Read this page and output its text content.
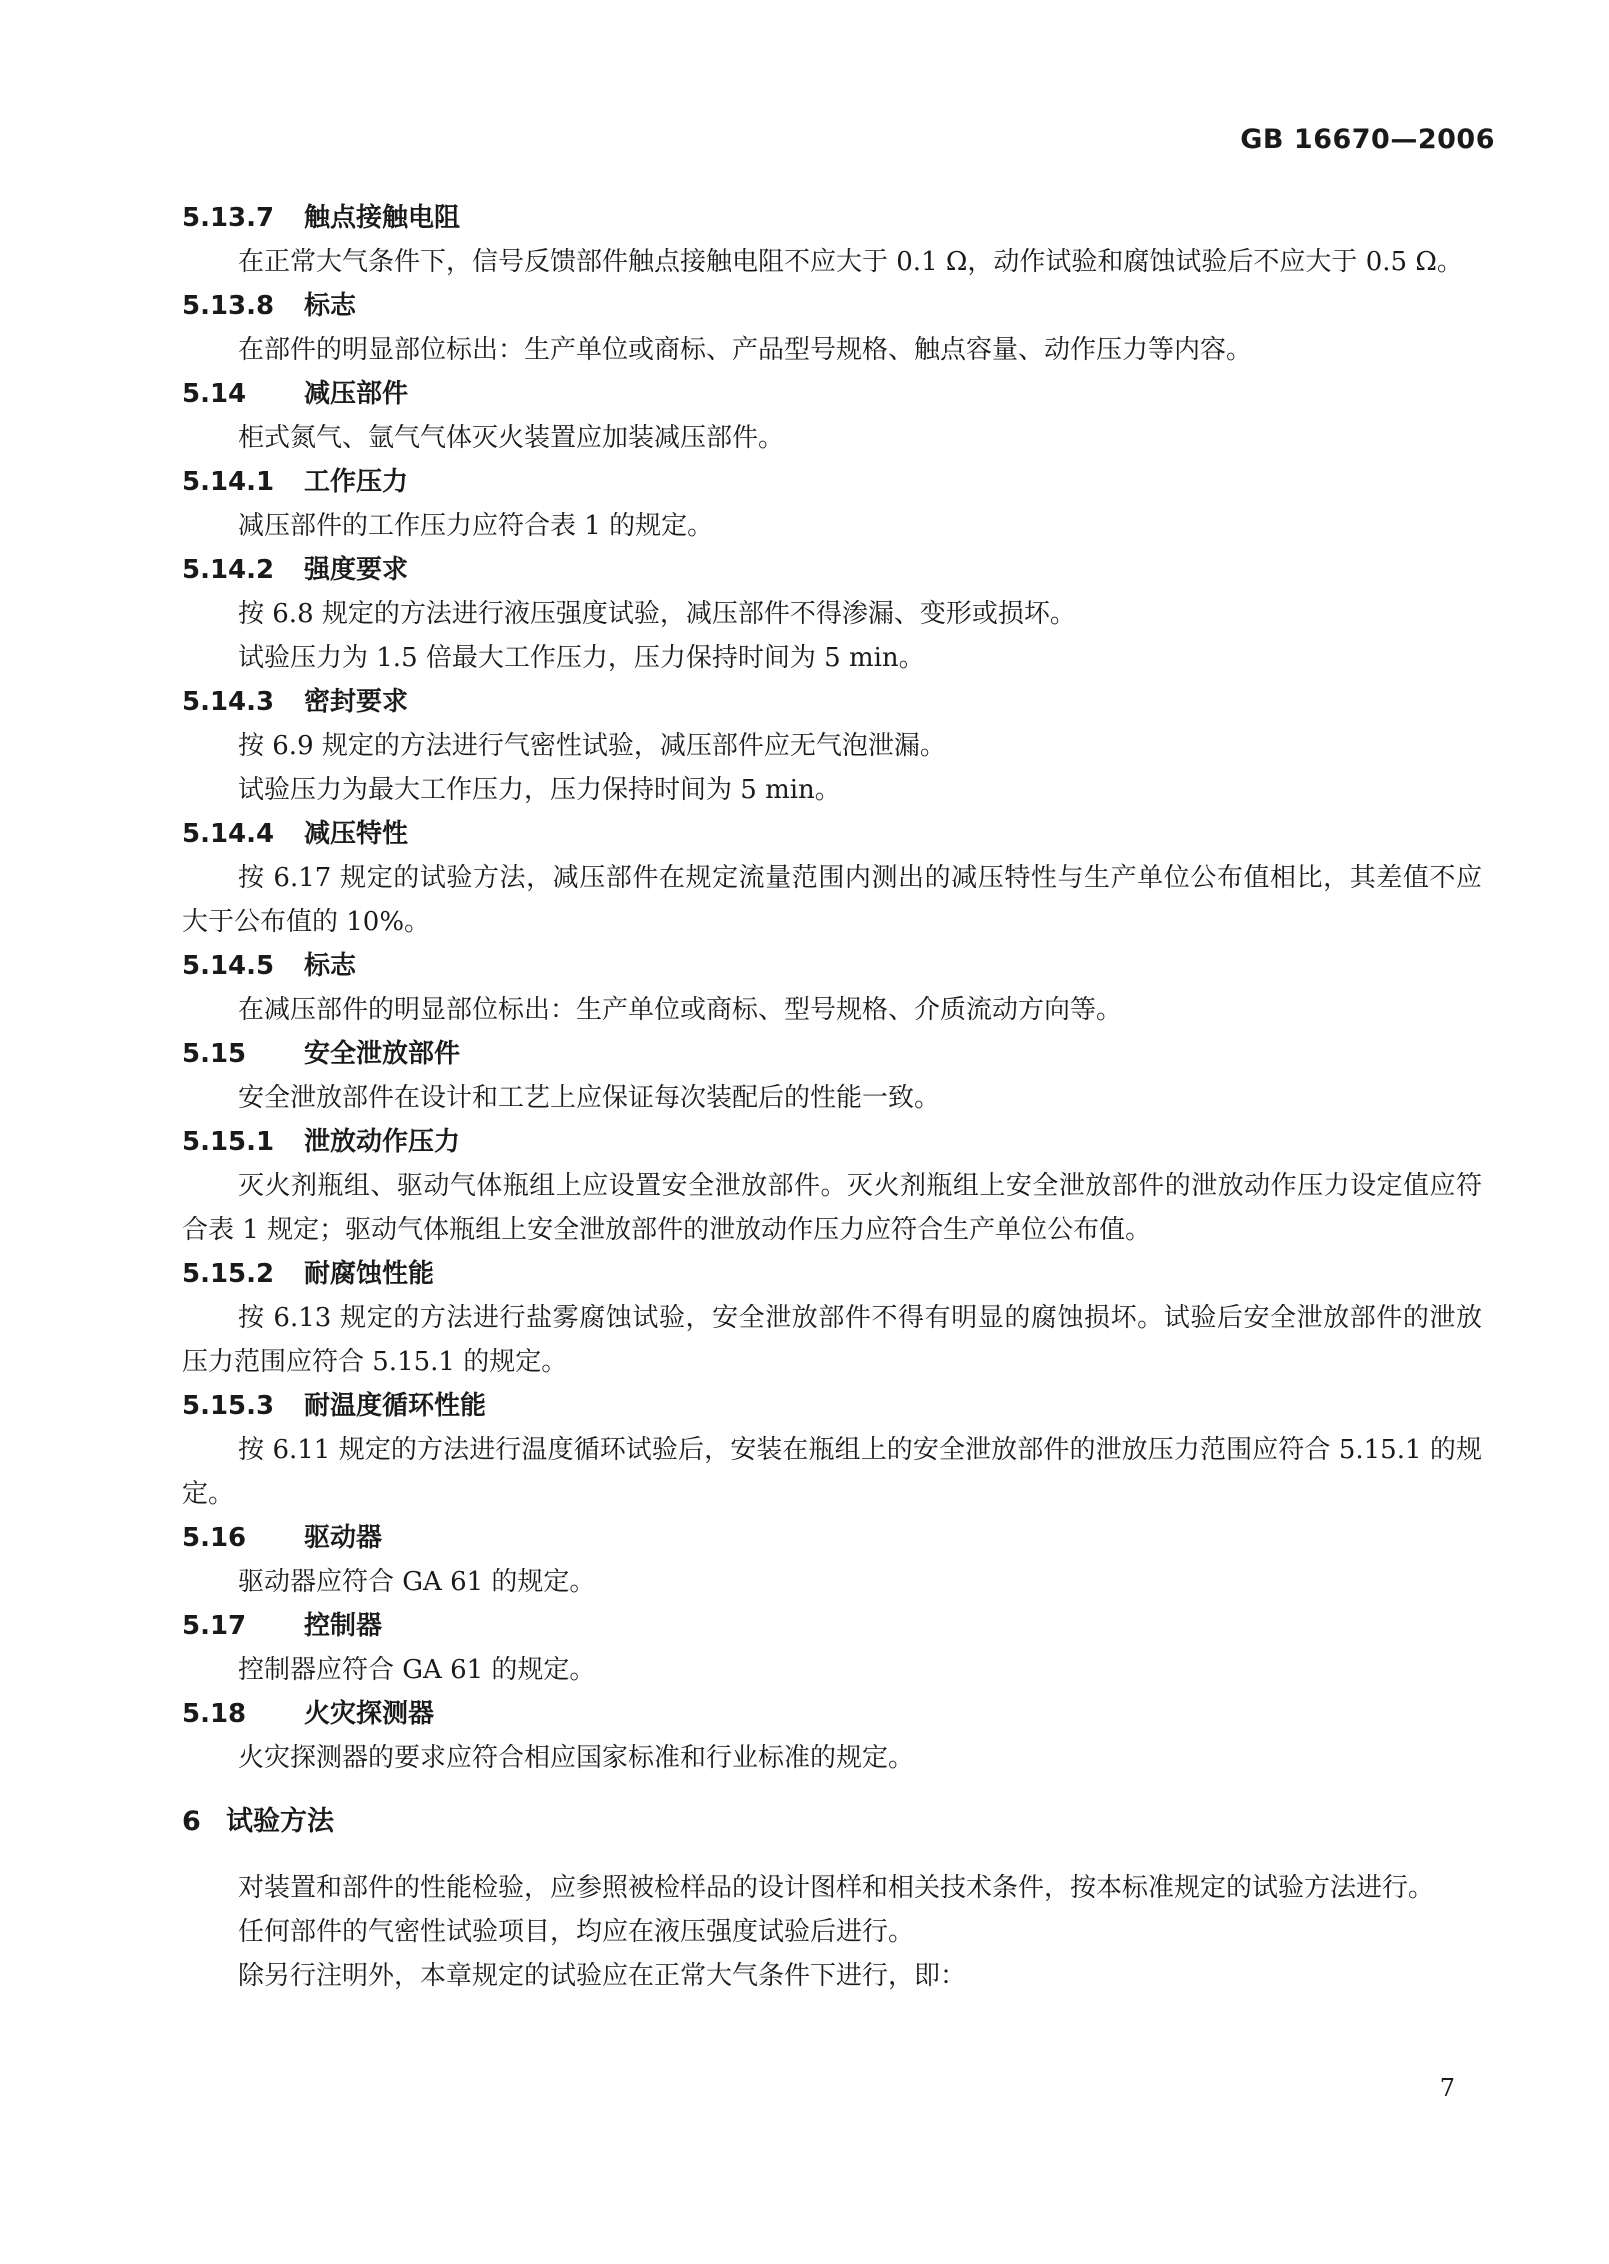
GB 16670—2006
5.13.7 触点接触电阻
在正常大气条件下，信号反馈部件触点接触电阻不应大于 0.1 Ω，动作试验和腐蚀试验后不应大于 0.5 Ω。
5.13.8 标志
在部件的明显部位标出：生产单位或商标、产品型号规格、触点容量、动作压力等内容。
5.14 减压部件
柜式氮气、氩气气体灭火装置应加装减压部件。
5.14.1 工作压力
减压部件的工作压力应符合表 1 的规定。
5.14.2 强度要求
按 6.8 规定的方法进行液压强度试验，减压部件不得渗漏、变形或损坏。
试验压力为 1.5 倍最大工作压力，压力保持时间为 5 min。
5.14.3 密封要求
按 6.9 规定的方法进行气密性试验，减压部件应无气泡泄漏。
试验压力为最大工作压力，压力保持时间为 5 min。
5.14.4 减压特性
按 6.17 规定的试验方法，减压部件在规定流量范围内测出的减压特性与生产单位公布值相比，其差值不应大于公布值的 10%。
5.14.5 标志
在减压部件的明显部位标出：生产单位或商标、型号规格、介质流动方向等。
5.15 安全泄放部件
安全泄放部件在设计和工艺上应保证每次装配后的性能一致。
5.15.1 泄放动作压力
灭火剂瓶组、驱动气体瓶组上应设置安全泄放部件。灭火剂瓶组上安全泄放部件的泄放动作压力设定值应符合表 1 规定；驱动气体瓶组上安全泄放部件的泄放动作压力应符合生产单位公布值。
5.15.2 耐腐蚀性能
按 6.13 规定的方法进行盐雾腐蚀试验，安全泄放部件不得有明显的腐蚀损坏。试验后安全泄放部件的泄放压力范围应符合 5.15.1 的规定。
5.15.3 耐温度循环性能
按 6.11 规定的方法进行温度循环试验后，安装在瓶组上的安全泄放部件的泄放压力范围应符合 5.15.1 的规定。
5.16 驱动器
驱动器应符合 GA 61 的规定。
5.17 控制器
控制器应符合 GA 61 的规定。
5.18 火灾探测器
火灾探测器的要求应符合相应国家标准和行业标准的规定。
6 试验方法
对装置和部件的性能检验，应参照被检样品的设计图样和相关技术条件，按本标准规定的试验方法进行。
任何部件的气密性试验项目，均应在液压强度试验后进行。
除另行注明外，本章规定的试验应在正常大气条件下进行，即：
7
